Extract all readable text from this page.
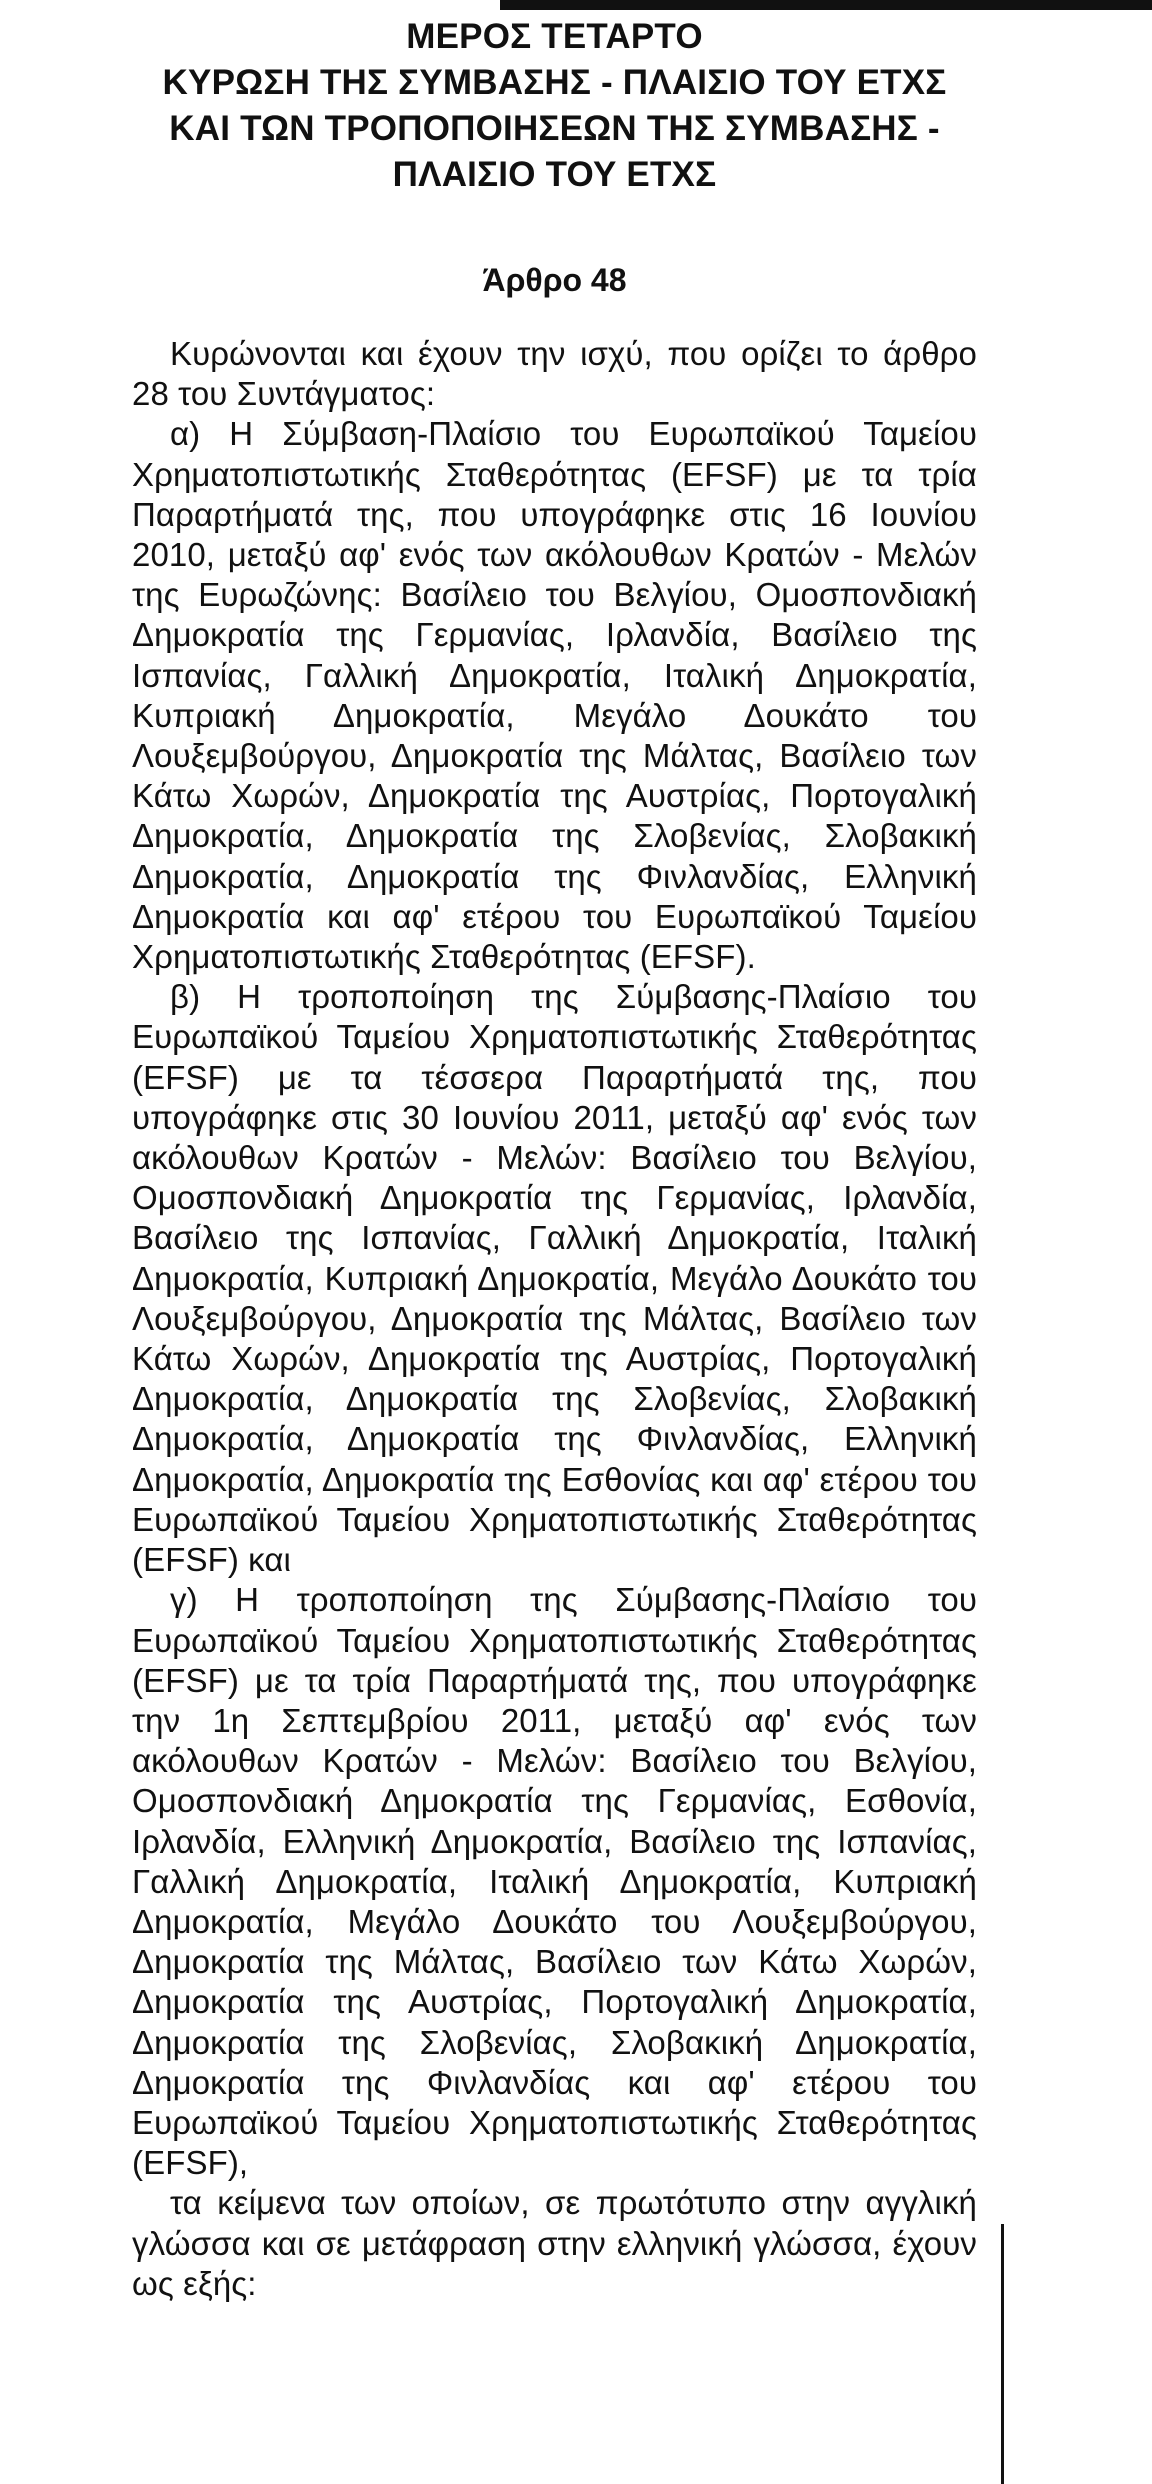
ΜΕΡΟΣ ΤΕΤΑΡΤΟ
ΚΥΡΩΣΗ ΤΗΣ ΣΥΜΒΑΣΗΣ - ΠΛΑΙΣΙΟ ΤΟΥ ΕΤΧΣ
ΚΑΙ ΤΩΝ ΤΡΟΠΟΠΟΙΗΣΕΩΝ ΤΗΣ ΣΥΜΒΑΣΗΣ -
ΠΛΑΙΣΙΟ ΤΟΥ ΕΤΧΣ
Άρθρο 48

Κυρώνονται και έχουν την ισχύ, που ορίζει το άρθρο 28 του Συντάγματος:

α) Η Σύμβαση-Πλαίσιο του Ευρωπαϊκού Ταμείου Χρηματοπιστωτικής Σταθερότητας (EFSF) με τα τρία Παραρτήματά της, που υπογράφηκε στις 16 Ιουνίου 2010, μεταξύ αφ' ενός των ακόλουθων Κρατών - Μελών της Ευρωζώνης: Βασίλειο του Βελγίου, Ομοσπονδιακή Δημοκρατία της Γερμανίας, Ιρλανδία, Βασίλειο της Ισπανίας, Γαλλική Δημοκρατία, Ιταλική Δημοκρατία, Κυπριακή Δημοκρατία, Μεγάλο Δουκάτο του Λουξεμβούργου, Δημοκρατία της Μάλτας, Βασίλειο των Κάτω Χωρών, Δημοκρατία της Αυστρίας, Πορτογαλική Δημοκρατία, Δημοκρατία της Σλοβενίας, Σλοβακική Δημοκρατία, Δημοκρατία της Φινλανδίας, Ελληνική Δημοκρατία και αφ' ετέρου του Ευρωπαϊκού Ταμείου Χρηματοπιστωτικής Σταθερότητας (EFSF).

β) Η τροποποίηση της Σύμβασης-Πλαίσιο του Ευρωπαϊκού Ταμείου Χρηματοπιστωτικής Σταθερότητας (EFSF) με τα τέσσερα Παραρτήματά της, που υπογράφηκε στις 30 Ιουνίου 2011, μεταξύ αφ' ενός των ακόλουθων Κρατών - Μελών: Βασίλειο του Βελγίου, Ομοσπονδιακή Δημοκρατία της Γερμανίας, Ιρλανδία, Βασίλειο της Ισπανίας, Γαλλική Δημοκρατία, Ιταλική Δημοκρατία, Κυπριακή Δημοκρατία, Μεγάλο Δουκάτο του Λουξεμβούργου, Δημοκρατία της Μάλτας, Βασίλειο των Κάτω Χωρών, Δημοκρατία της Αυστρίας, Πορτογαλική Δημοκρατία, Δημοκρατία της Σλοβενίας, Σλοβακική Δημοκρατία, Δημοκρατία της Φινλανδίας, Ελληνική Δημοκρατία, Δημοκρατία της Εσθονίας και αφ' ετέρου του Ευρωπαϊκού Ταμείου Χρηματοπιστωτικής Σταθερότητας (EFSF) και

γ) Η τροποποίηση της Σύμβασης-Πλαίσιο του Ευρωπαϊκού Ταμείου Χρηματοπιστωτικής Σταθερότητας (EFSF) με τα τρία Παραρτήματά της, που υπογράφηκε την 1η Σεπτεμβρίου 2011, μεταξύ αφ' ενός των ακόλουθων Κρατών - Μελών: Βασίλειο του Βελγίου, Ομοσπονδιακή Δημοκρατία της Γερμανίας, Εσθονία, Ιρλανδία, Ελληνική Δημοκρατία, Βασίλειο της Ισπανίας, Γαλλική Δημοκρατία, Ιταλική Δημοκρατία, Κυπριακή Δημοκρατία, Μεγάλο Δουκάτο του Λουξεμβούργου, Δημοκρατία της Μάλτας, Βασίλειο των Κάτω Χωρών, Δημοκρατία της Αυστρίας, Πορτογαλική Δημοκρατία, Δημοκρατία της Σλοβενίας, Σλοβακική Δημοκρατία, Δημοκρατία της Φινλανδίας και αφ' ετέρου του Ευρωπαϊκού Ταμείου Χρηματοπιστωτικής Σταθερότητας (EFSF),

τα κείμενα των οποίων, σε πρωτότυπο στην αγγλική γλώσσα και σε μετάφραση στην ελληνική γλώσσα, έχουν ως εξής:
